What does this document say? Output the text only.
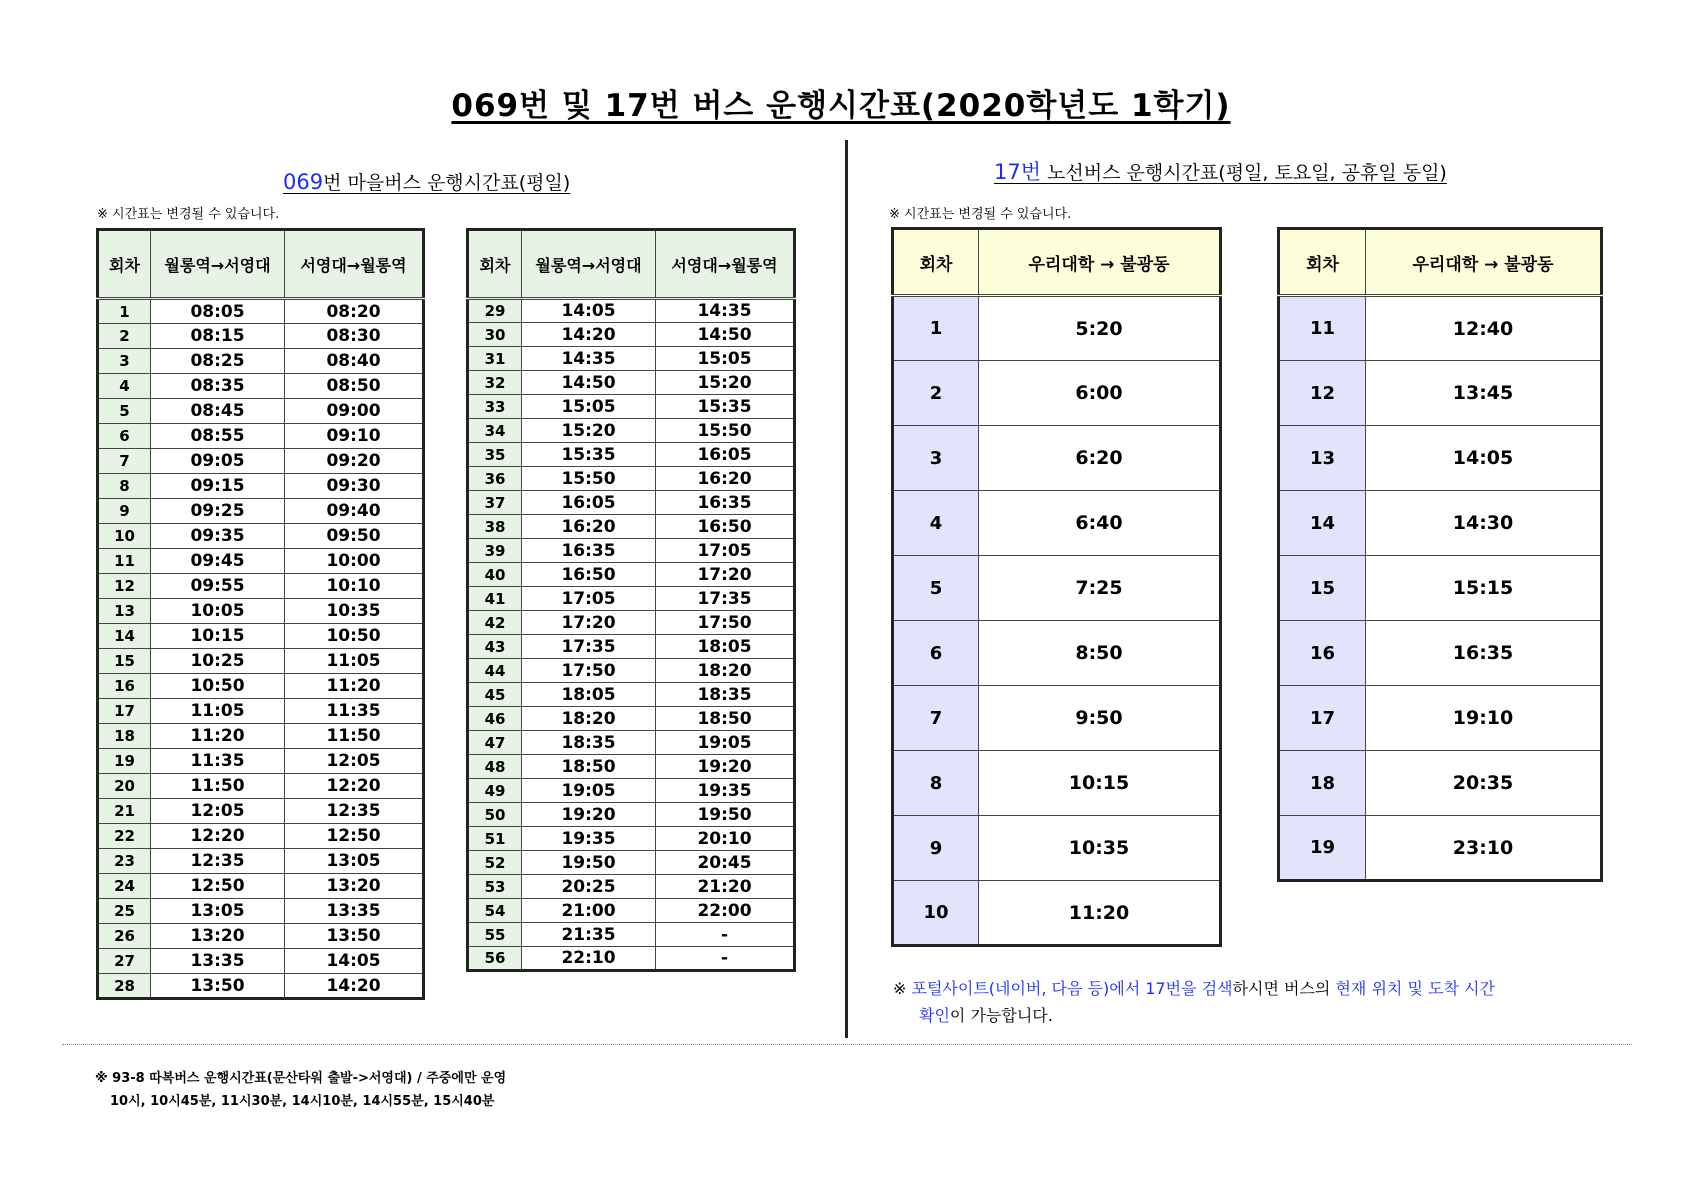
069번 및 17번 버스 운행시간표(2020학년도 1학기)
069번 마을버스 운행시간표(평일)
※ 시간표는 변경될 수 있습니다.
회차	월롱역→서영대	서영대→월롱역
1	08:05	08:20
2	08:15	08:30
3	08:25	08:40
4	08:35	08:50
5	08:45	09:00
6	08:55	09:10
7	09:05	09:20
8	09:15	09:30
9	09:25	09:40
10	09:35	09:50
11	09:45	10:00
12	09:55	10:10
13	10:05	10:35
14	10:15	10:50
15	10:25	11:05
16	10:50	11:20
17	11:05	11:35
18	11:20	11:50
19	11:35	12:05
20	11:50	12:20
21	12:05	12:35
22	12:20	12:50
23	12:35	13:05
24	12:50	13:20
25	13:05	13:35
26	13:20	13:50
27	13:35	14:05
28	13:50	14:20
회차	월롱역→서영대	서영대→월롱역
29	14:05	14:35
30	14:20	14:50
31	14:35	15:05
32	14:50	15:20
33	15:05	15:35
34	15:20	15:50
35	15:35	16:05
36	15:50	16:20
37	16:05	16:35
38	16:20	16:50
39	16:35	17:05
40	16:50	17:20
41	17:05	17:35
42	17:20	17:50
43	17:35	18:05
44	17:50	18:20
45	18:05	18:35
46	18:20	18:50
47	18:35	19:05
48	18:50	19:20
49	19:05	19:35
50	19:20	19:50
51	19:35	20:10
52	19:50	20:45
53	20:25	21:20
54	21:00	22:00
55	21:35	-
56	22:10	-
17번 노선버스 운행시간표(평일, 토요일, 공휴일 동일)
※ 시간표는 변경될 수 있습니다.
회차	우리대학 → 불광동
1	5:20
2	6:00
3	6:20
4	6:40
5	7:25
6	8:50
7	9:50
8	10:15
9	10:35
10	11:20
회차	우리대학 → 불광동
11	12:40
12	13:45
13	14:05
14	14:30
15	15:15
16	16:35
17	19:10
18	20:35
19	23:10
※ 포털사이트(네이버, 다음 등)에서 17번을 검색하시면 버스의 현재 위치 및 도착 시간
확인이 가능합니다.
※ 93-8 따복버스 운행시간표(문산타워 출발->서영대) / 주중에만 운영
10시, 10시45분, 11시30분, 14시10분, 14시55분, 15시40분
